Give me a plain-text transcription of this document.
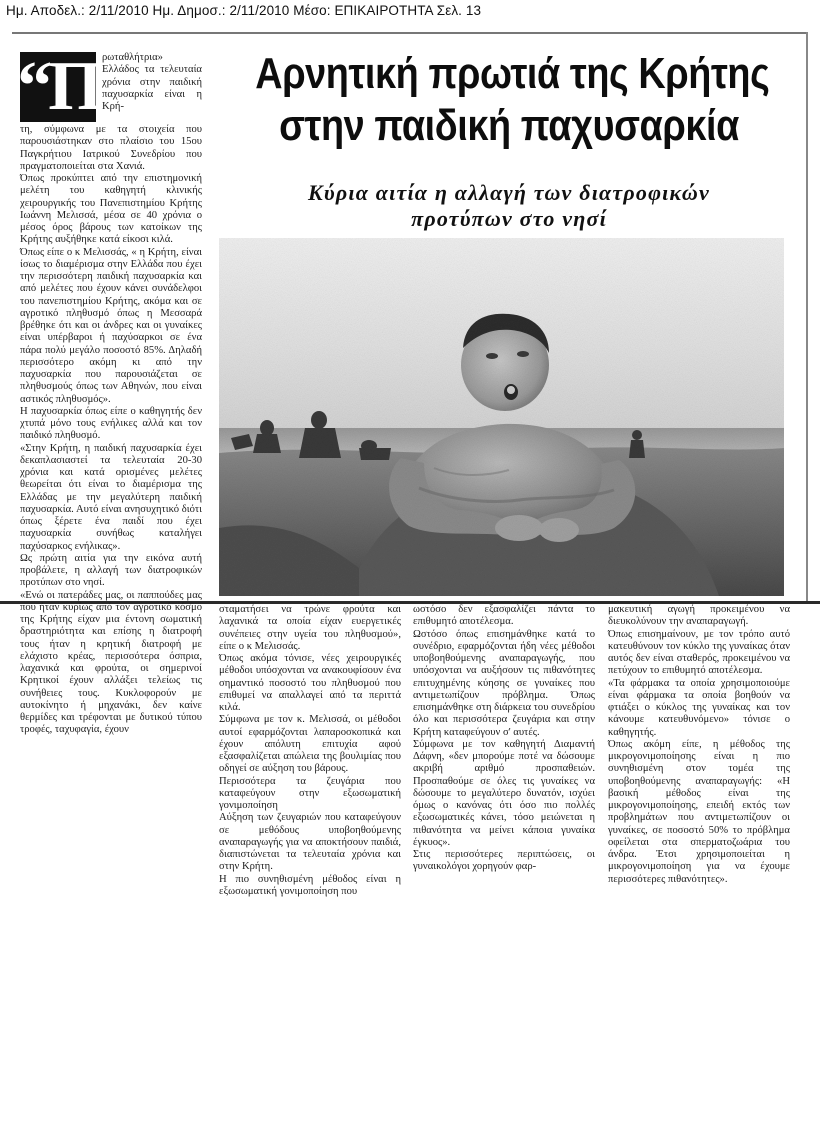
Ημ. Αποδελ.: 2/11/2010 Ημ. Δημοσ.: 2/11/2010 Μέσο: ΕΠΙΚΑΙΡΟΤΗΤΑ Σελ. 13
“Π ρωταθλήτρια» Ελλάδος τα τελευταία χρόνια στην παιδική παχυσαρκία είναι η Κρή-

τη, σύμφωνα με τα στοιχεία που παρουσιάστηκαν στο πλαίσιο του 15ου Παγκρήτιου Ιατρικού Συνεδρίου που πραγματοποιείται στα Χανιά.

Όπως προκύπτει από την επιστημονική μελέτη του καθηγητή κλινικής χειρουργικής του Πανεπιστημίου Κρήτης Ιωάννη Μελισσά, μέσα σε 40 χρόνια ο μέσος όρος βάρους των κατοίκων της Κρήτης αυξήθηκε κατά είκοσι κιλά.

Όπως είπε ο κ Μελισσάς, « η Κρήτη, είναι ίσως το διαμέρισμα στην Ελλάδα που έχει την περισσότερη παιδική παχυσαρκία και από μελέτες που έχουν κάνει συνάδελφοι του πανεπιστημίου Κρήτης, ακόμα και σε αγροτικό πληθυσμό όπως η Μεσσαρά βρέθηκε ότι και οι άνδρες και οι γυναίκες είναι υπέρβαροι ή παχύσαρκοι σε ένα πάρα πολύ μεγάλο ποσοστό 85%. Δηλαδή περισσότερο ακόμη κι από την παχυσαρκία που παρουσιάζεται σε πληθυσμούς όπως των Αθηνών, που είναι αστικός πληθυσμός».

Η παχυσαρκία όπως είπε ο καθηγητής δεν χτυπά μόνο τους ενήλικες αλλά και τον παιδικό πληθυσμό.

«Στην Κρήτη, η παιδική παχυσαρκία έχει δεκαπλασιαστεί τα τελευταία 20-30 χρόνια και κατά ορισμένες μελέτες θεωρείται ότι είναι το διαμέρισμα της Ελλάδας με την μεγαλύτερη παιδική παχυσαρκία. Αυτό είναι ανησυχητικό διότι όπως ξέρετε ένα παιδί που έχει παχυσαρκία συνήθως καταλήγει παχύσαρκος ενήλικας».

Ως πρώτη αιτία για την εικόνα αυτή προβάλετε, η αλλαγή των διατροφικών προτύπων στο νησί.

«Ενώ οι πατεράδες μας, οι παππούδες μας που ήταν κυρίως από τον αγροτικό κόσμο της Κρήτης είχαν μια έντονη σωματική δραστηριότητα και επίσης η διατροφή τους ήταν η κρητική διατροφή με ελάχιστο κρέας, περισσότερα όσπρια, λαχανικά και φρούτα, οι σημερινοί Κρητικοί έχουν αλλάξει τελείως τις συνήθειες τους. Κυκλοφορούν με αυτοκίνητο ή μηχανάκι, δεν καίνε θερμίδες και τρέφονται με δυτικού τύπου τροφές, ταχυφαγία, έχουν

Αρνητική πρωτιά της Κρήτης
στην παιδική παχυσαρκία
Κύρια αιτία η αλλαγή των διατροφικών
προτύπων στο νησί

σταματήσει να τρώνε φρούτα και λαχανικά τα οποία είχαν ευεργετικές συνέπειες στην υγεία του πληθυσμού», είπε ο κ Μελισσάς.

Όπως ακόμα τόνισε, νέες χειρουργικές μέθοδοι υπόσχονται να ανακουφίσουν ένα σημαντικό ποσοστό του πληθυσμού που επιθυμεί να απαλλαγεί από τα περιττά κιλά.

Σύμφωνα με τον κ. Μελισσά, οι μέθοδοι αυτοί εφαρμόζονται λαπαροσκοπικά και έχουν απόλυτη επιτυχία αφού εξασφαλίζεται απώλεια της βουλιμίας που οδηγεί σε αύξηση του βάρους.

Περισσότερα τα ζευγάρια που καταφεύγουν στην εξωσωματική γονιμοποίηση

Αύξηση των ζευγαριών που καταφεύγουν σε μεθόδους υποβοηθούμενης αναπαραγωγής για να αποκτήσουν παιδιά, διαπιστώνεται τα τελευταία χρόνια και στην Κρήτη.

Η πιο συνηθισμένη μέθοδος είναι η εξωσωματική γονιμοποίηση που

ωστόσο δεν εξασφαλίζει πάντα το επιθυμητό αποτέλεσμα.

Ωστόσο όπως επισημάνθηκε κατά το συνέδριο, εφαρμόζονται ήδη νέες μέθοδοι υποβοηθούμενης αναπαραγωγής, που υπόσχονται να αυξήσουν τις πιθανότητες επιτυχημένης κύησης σε γυναίκες που αντιμετωπίζουν πρόβλημα. Όπως επισημάνθηκε στη διάρκεια του συνεδρίου όλο και περισσότερα ζευγάρια και στην Κρήτη καταφεύγουν σ' αυτές.

Σύμφωνα με τον καθηγητή Διαμαντή Δάφνη, «δεν μπορούμε ποτέ να δώσουμε ακριβή αριθμό προσπαθειών. Προσπαθούμε σε όλες τις γυναίκες να δώσουμε το μεγαλύτερο δυνατόν, ισχύει όμως ο κανόνας ότι όσο πιο πολλές εξωσωματικές κάνει, τόσο μειώνεται η πιθανότητα να μείνει κάποια γυναίκα έγκυος».

Στις περισσότερες περιπτώσεις, οι γυναικολόγοι χορηγούν φαρ-

μακευτική αγωγή προκειμένου να διευκολύνουν την αναπαραγωγή.

Όπως επισημαίνουν, με τον τρόπο αυτό κατευθύνουν τον κύκλο της γυναίκας όταν αυτός δεν είναι σταθερός, προκειμένου να πετύχουν το επιθυμητό αποτέλεσμα.

«Τα φάρμακα τα οποία χρησιμοποιούμε είναι φάρμακα τα οποία βοηθούν να φτιάξει ο κύκλος της γυναίκας και τον κάνουμε κατευθυνόμενο» τόνισε ο καθηγητής.

Όπως ακόμη είπε, η μέθοδος της μικρογονιμοποίησης είναι η πιο συνηθισμένη στον τομέα της υποβοηθούμενης αναπαραγωγής: «Η βασική μέθοδος είναι της μικρογονιμοποίησης, επειδή εκτός των προβλημάτων που αντιμετωπίζουν οι γυναίκες, σε ποσοστό 50% το πρόβλημα οφείλεται στα σπερματοζωάρια του άνδρα. Έτσι χρησιμοποιείται η μικρογονιμοποίηση για να έχουμε περισσότερες πιθανότητες».
